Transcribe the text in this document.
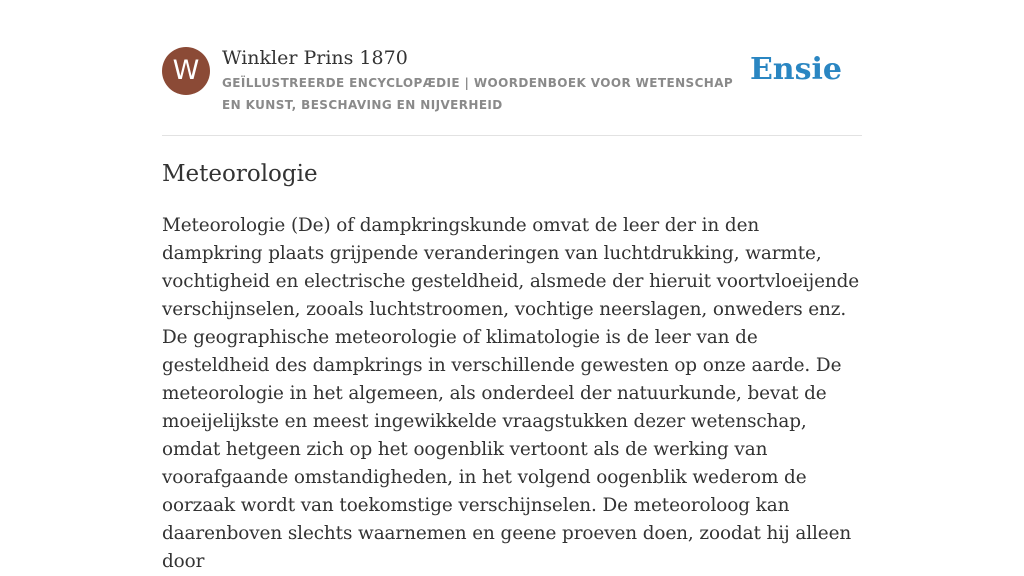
W	Winkler Prins 1870
GEÏLLUSTREERDE ENCYCLOPÆDIE | WOORDENBOEK VOOR WETENSCHAP EN KUNST, BESCHAVING EN NIJVERHEID
Ensie
Meteorologie

Meteorologie (De) of dampkringskunde omvat de leer der in den dampkring plaats grijpende veranderingen van luchtdrukking, warmte, vochtigheid en electrische gesteldheid, alsmede der hieruit voortvloeijende verschijnselen, zooals luchtstroomen, vochtige neerslagen, onweders enz. De geographische meteorologie of klimatologie is de leer van de gesteldheid des dampkrings in verschillende gewesten op onze aarde. De meteorologie in het algemeen, als onderdeel der natuurkunde, bevat de moeijelijkste en meest ingewikkelde vraagstukken dezer wetenschap, omdat hetgeen zich op het oogenblik vertoont als de werking van voorafgaande omstandigheden, in het volgend oogenblik wederom de oorzaak wordt van toekomstige verschijnselen. De meteoroloog kan daarenboven slechts waarnemen en geene proeven doen, zoodat hij alleen door
